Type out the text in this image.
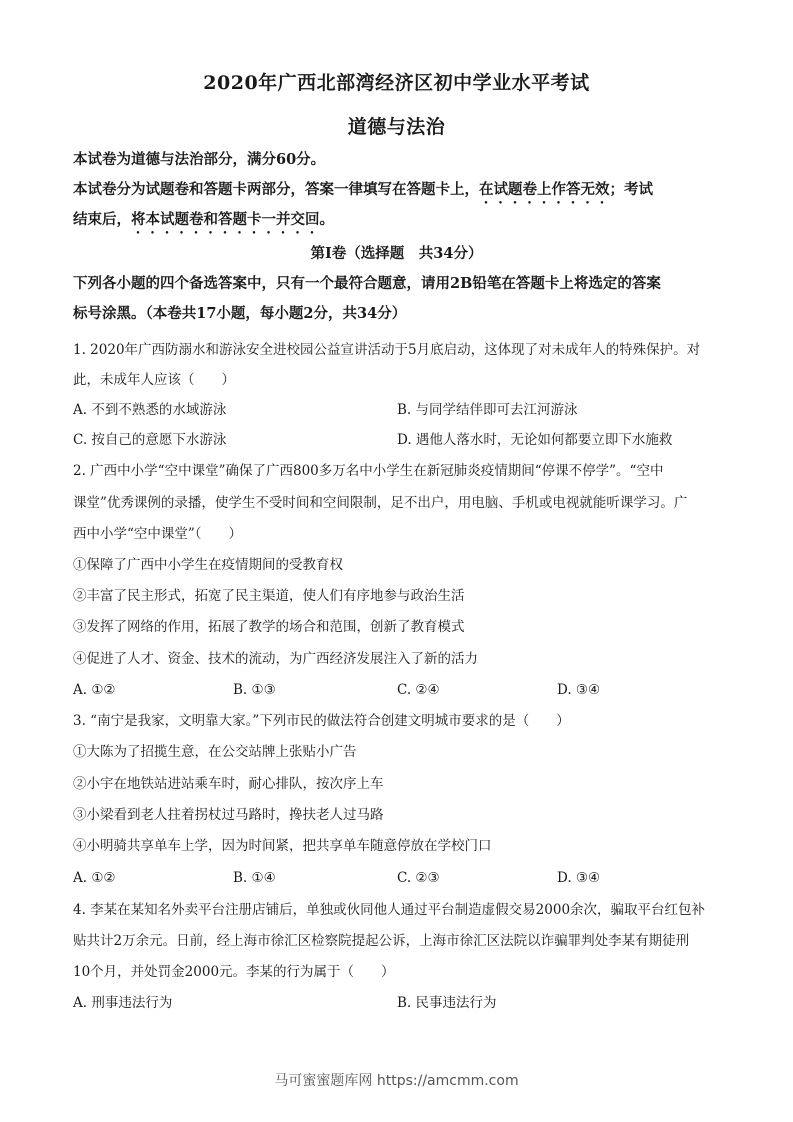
2020年广西北部湾经济区初中学业水平考试
道德与法治
本试卷为道德与法治部分，满分60分。
本试卷分为试题卷和答题卡两部分，答案一律填写在答题卡上，在试题卷上作答无效；考试
结束后，将本试题卷和答题卡一并交回。
第Ⅰ卷（选择题　共34分）
下列各小题的四个备选答案中，只有一个最符合题意，请用2B铅笔在答题卡上将选定的答案
标号涂黑。（本卷共17小题，每小题2分，共34分）
1. 2020年广西防溺水和游泳安全进校园公益宣讲活动于5月底启动，这体现了对未成年人的特殊保护。对
此，未成年人应该（　　）
A. 不到不熟悉的水域游泳	B. 与同学结伴即可去江河游泳
C. 按自己的意愿下水游泳	D. 遇他人落水时，无论如何都要立即下水施救
2. 广西中小学“空中课堂”确保了广西800多万名中小学生在新冠肺炎疫情期间“停课不停学”。“空中
课堂”优秀课例的录播，使学生不受时间和空间限制，足不出户，用电脑、手机或电视就能听课学习。广
西中小学“空中课堂”（　　）
①保障了广西中小学生在疫情期间的受教育权
②丰富了民主形式，拓宽了民主渠道，使人们有序地参与政治生活
③发挥了网络的作用，拓展了教学的场合和范围，创新了教育模式
④促进了人才、资金、技术的流动，为广西经济发展注入了新的活力
A. ①②	B. ①③	C. ②④	D. ③④
3. “南宁是我家，文明靠大家。”下列市民的做法符合创建文明城市要求的是（　　）
①大陈为了招揽生意，在公交站牌上张贴小广告
②小宇在地铁站进站乘车时，耐心排队，按次序上车
③小梁看到老人拄着拐杖过马路时，搀扶老人过马路
④小明骑共享单车上学，因为时间紧，把共享单车随意停放在学校门口
A. ①②	B. ①④	C. ②③	D. ③④
4. 李某在某知名外卖平台注册店铺后，单独或伙同他人通过平台制造虚假交易2000余次，骗取平台红包补
贴共计2万余元。日前，经上海市徐汇区检察院提起公诉，上海市徐汇区法院以诈骗罪判处李某有期徒刑
10个月，并处罚金2000元。李某的行为属于（　　）
A. 刑事违法行为	B. 民事违法行为
马可蜜蜜题库网 https://amcmm.com
